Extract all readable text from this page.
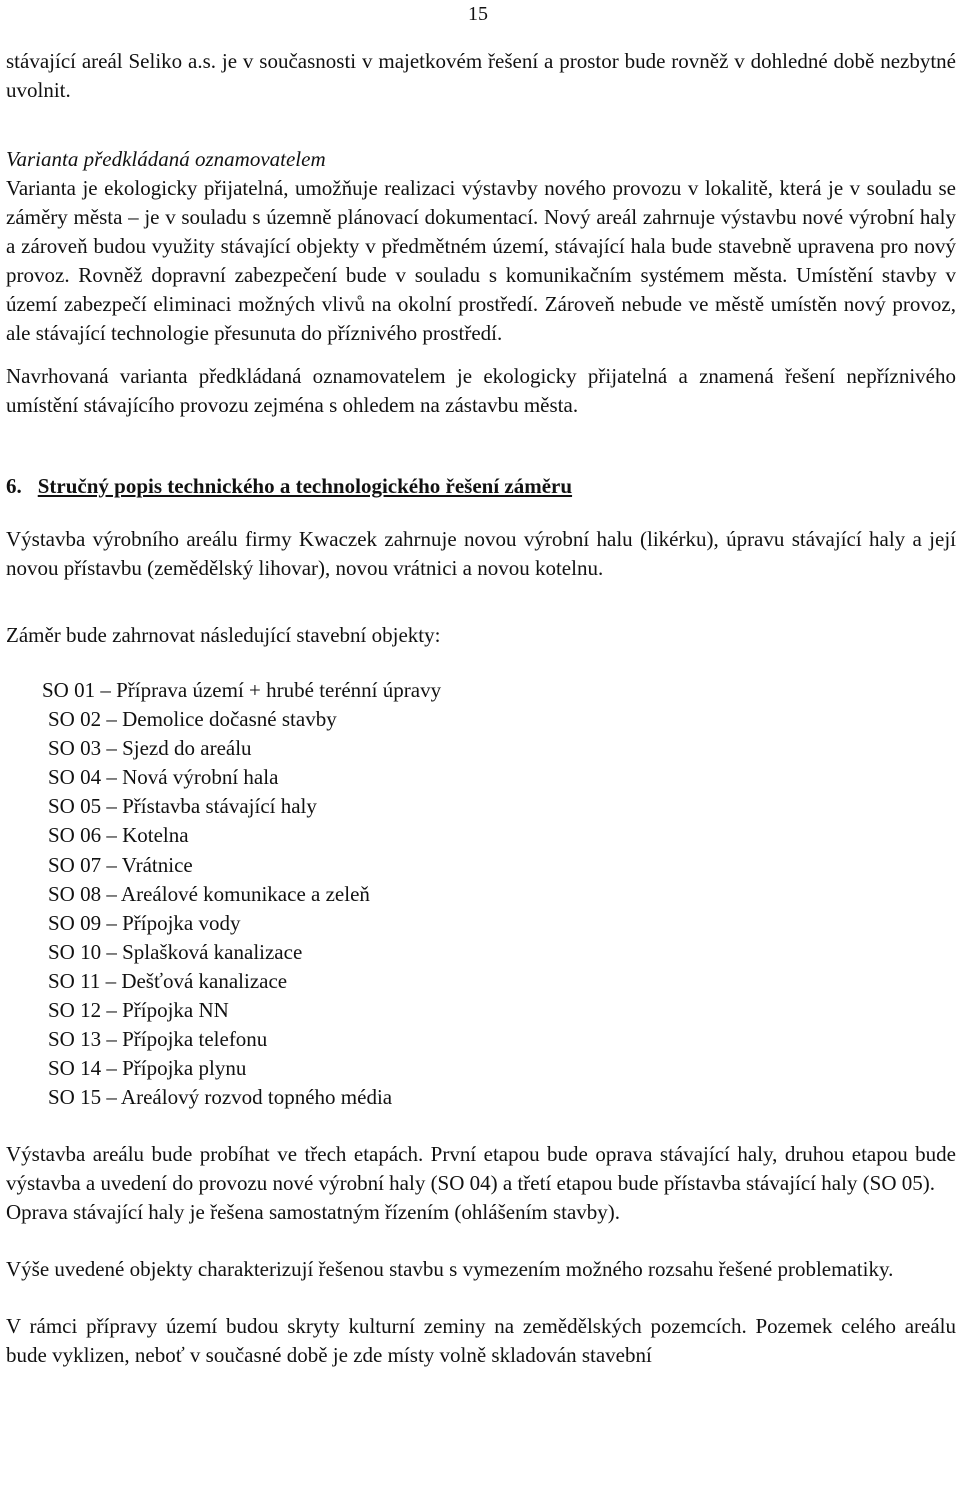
15

stávající areál Seliko a.s. je v současnosti v majetkovém řešení a prostor bude rovněž v dohledné době nezbytné uvolnit.

Varianta předkládaná oznamovatelem

Varianta je ekologicky přijatelná, umožňuje realizaci výstavby nového provozu v lokalitě, která je v souladu se záměry města – je v souladu s územně plánovací dokumentací. Nový areál zahrnuje výstavbu nové výrobní haly a zároveň budou využity stávající objekty v předmětném území, stávající hala bude stavebně upravena pro nový provoz. Rovněž dopravní zabezpečení bude v souladu s komunikačním systémem města. Umístění stavby v území zabezpečí eliminaci možných vlivů na okolní prostředí. Zároveň nebude ve městě umístěn nový provoz, ale stávající technologie přesunuta do příznivého prostředí.

Navrhovaná varianta předkládaná oznamovatelem je ekologicky přijatelná a znamená řešení nepříznivého umístění stávajícího provozu zejména s ohledem na zástavbu města.

6. Stručný popis technického a technologického řešení záměru

Výstavba výrobního areálu firmy Kwaczek zahrnuje novou výrobní halu (likérku), úpravu stávající haly a její novou přístavbu (zemědělský lihovar), novou vrátnici a novou kotelnu.

Záměr bude zahrnovat následující stavební objekty:

SO 01 – Příprava území + hrubé terénní úpravy
SO 02 – Demolice dočasné stavby
SO 03 – Sjezd do areálu
SO 04 – Nová výrobní hala
SO 05 – Přístavba stávající haly
SO 06 – Kotelna
SO 07 – Vrátnice
SO 08 – Areálové komunikace a zeleň
SO 09 – Přípojka vody
SO 10 – Splašková kanalizace
SO 11 – Dešťová kanalizace
SO 12 – Přípojka NN
SO 13 – Přípojka telefonu
SO 14 – Přípojka plynu
SO 15 – Areálový rozvod topného média

Výstavba areálu bude probíhat ve třech etapách. První etapou bude oprava stávající haly, druhou etapou bude výstavba a uvedení do provozu nové výrobní haly (SO 04) a třetí etapou bude přístavba stávající haly (SO 05).

Oprava stávající haly je řešena samostatným řízením (ohlášením stavby).

Výše uvedené objekty charakterizují řešenou stavbu s vymezením možného rozsahu řešené problematiky.

V rámci přípravy území budou skryty kulturní zeminy na zemědělských pozemcích. Pozemek celého areálu bude vyklizen, neboť v současné době je zde místy volně skladován stavební
